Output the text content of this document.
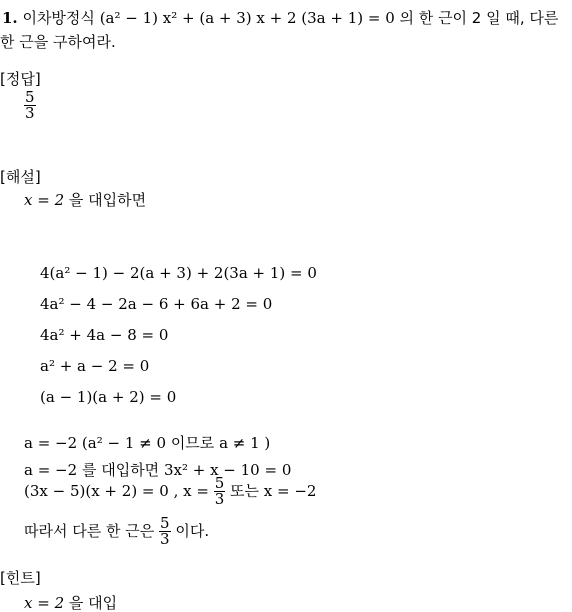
1. 이차방정식 (a² − 1) x² + (a + 3) x + 2 (3a + 1) = 0 의 한 근이 2 일 때, 다른
한 근을 구하여라.
[정답]
$\frac{5}{3}$
[해설]
x = 2 을 대입하면
4(a² − 1) − 2(a + 3) + 2(3a + 1) = 0
4a² − 4 − 2a − 6 + 6a + 2 = 0
4a² + 4a − 8 = 0
a² + a − 2 = 0
(a − 1)(a + 2) = 0
a = −2 (a² − 1 ≠ 0 이므로 a ≠ 1 )
a = −2 를 대입하면 3x² + x − 10 = 0
(3x − 5)(x + 2) = 0 , $x = \frac{5}{3}$ 또는 x = −2
따라서 다른 한 근은 $\frac{5}{3}$ 이다.
[힌트]
x = 2 을 대입
